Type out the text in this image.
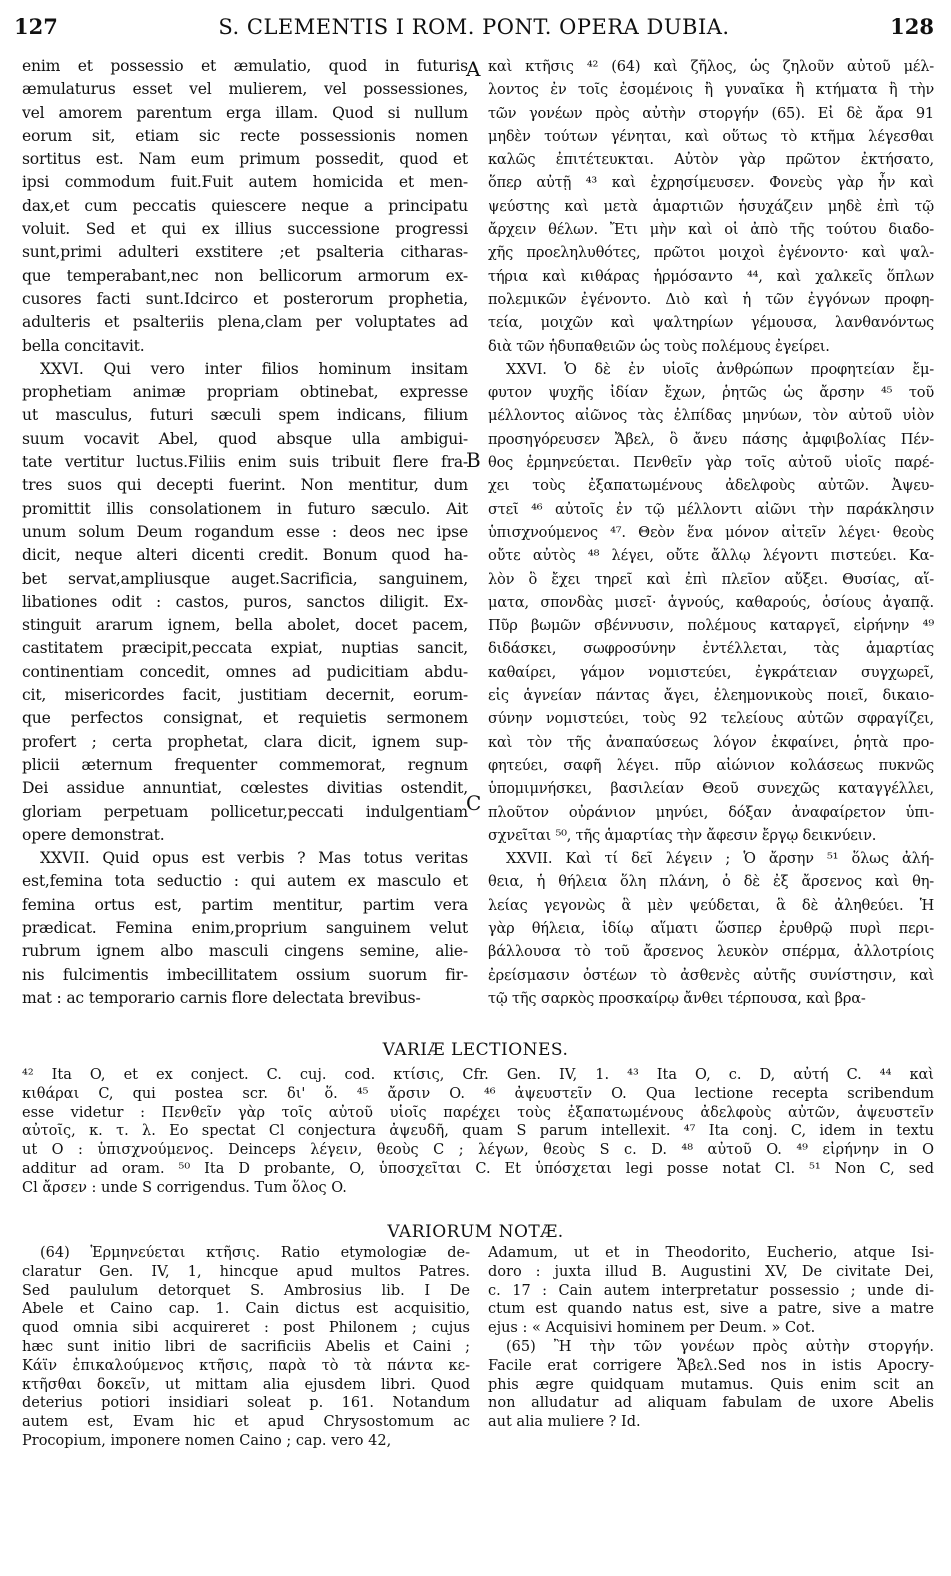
127	S. CLEMENTIS I ROM. PONT. OPERA DUBIA.	128
enim et possessio et æmulatio, quod in futuris
æmulaturus esset vel mulierem, vel possessiones,
vel amorem parentum erga illam. Quod si nullum
eorum sit, etiam sic recte possessionis nomen
sortitus est. Nam eum primum possedit, quod et
ipsi commodum fuit.Fuit autem homicida et men-
dax,et cum peccatis quiescere neque a principatu
voluit. Sed et qui ex illius successione progressi
sunt,primi adulteri exstitere ;et psalteria citharas-
que temperabant,nec non bellicorum armorum ex-
cusores facti sunt.Idcirco et posterorum prophetia,
adulteris et psalteriis plena,clam per voluptates ad
bella concitavit.
XXVI. Qui vero inter filios hominum insitam
prophetiam animæ propriam obtinebat, expresse
ut masculus, futuri sæculi spem indicans, filium
suum vocavit Abel, quod absque ulla ambigui-
tate vertitur luctus.Filiis enim suis tribuit flere fra-
tres suos qui decepti fuerint. Non mentitur, dum
promittit illis consolationem in futuro sæculo. Ait
unum solum Deum rogandum esse : deos nec ipse
dicit, neque alteri dicenti credit. Bonum quod ha-
bet servat,ampliusque auget.Sacrificia, sanguinem,
libationes odit : castos, puros, sanctos diligit. Ex-
stinguit ararum ignem, bella abolet, docet pacem,
castitatem præcipit,peccata expiat, nuptias sancit,
continentiam concedit, omnes ad pudicitiam abdu-
cit, misericordes facit, justitiam decernit, eorum-
que perfectos consignat, et requietis sermonem
profert ; certa prophetat, clara dicit, ignem sup-
plicii æternum frequenter commemorat, regnum
Dei assidue annuntiat, cœlestes divitias ostendit,
gloriam perpetuam pollicetur,peccati indulgentiam
opere demonstrat.
XXVII. Quid opus est verbis ? Mas totus veritas
est,femina tota seductio : qui autem ex masculo et
femina ortus est, partim mentitur, partim vera
prædicat. Femina enim,proprium sanguinem velut
rubrum ignem albo masculi cingens semine, alie-
nis fulcimentis imbecillitatem ossium suorum fir-
mat : ac temporario carnis flore delectata brevibus-
καὶ κτῆσις ⁴² (64) καὶ ζῆλος, ὡς ζηλοῦν αὐτοῦ μέλ-
λοντος ἐν τοῖς ἐσομένοις ἢ γυναῖκα ἢ κτήματα ἢ τὴν
τῶν γονέων πρὸς αὐτὴν στοργήν (65). Εἰ δὲ ἄρα 91
μηδὲν τούτων γένηται, καὶ οὕτως τὸ κτῆμα λέγεσθαι
καλῶς ἐπιτέτευκται. Αὐτὸν γὰρ πρῶτον ἐκτήσατο,
ὅπερ αὐτῇ ⁴³ καὶ ἐχρησίμευσεν. Φονεὺς γὰρ ἦν καὶ
ψεύστης καὶ μετὰ ἁμαρτιῶν ἡσυχάζειν μηδὲ ἐπὶ τῷ
ἄρχειν θέλων. Ἔτι μὴν καὶ οἱ ἀπὸ τῆς τούτου διαδο-
χῆς προεληλυθότες, πρῶτοι μοιχοὶ ἐγένοντο· καὶ ψαλ-
τήρια καὶ κιθάρας ἡρμόσαντο ⁴⁴, καὶ χαλκεῖς ὅπλων
πολεμικῶν ἐγένοντο. Διὸ καὶ ἡ τῶν ἐγγόνων προφη-
τεία, μοιχῶν καὶ ψαλτηρίων γέμουσα, λανθανόντως
διὰ τῶν ἡδυπαθειῶν ὡς τοὺς πολέμους ἐγείρει.
XXVI. Ὁ δὲ ἐν υἱοῖς ἀνθρώπων προφητείαν ἔμ-
φυτον ψυχῆς ἰδίαν ἔχων, ῥητῶς ὡς ἄρσην ⁴⁵ τοῦ
μέλλοντος αἰῶνος τὰς ἐλπίδας μηνύων, τὸν αὐτοῦ υἱὸν
προσηγόρευσεν Ἄβελ, ὃ ἄνευ πάσης ἀμφιβολίας Πέν-
θος ἑρμηνεύεται. Πενθεῖν γὰρ τοῖς αὐτοῦ υἱοῖς παρέ-
χει τοὺς ἐξαπατωμένους ἀδελφοὺς αὐτῶν. Ἀψευ-
στεῖ ⁴⁶ αὐτοῖς ἐν τῷ μέλλοντι αἰῶνι τὴν παράκλησιν
ὑπισχνούμενος ⁴⁷. Θεὸν ἕνα μόνον αἰτεῖν λέγει· θεοὺς
οὔτε αὐτὸς ⁴⁸ λέγει, οὔτε ἄλλῳ λέγοντι πιστεύει. Κα-
λὸν ὃ ἔχει τηρεῖ καὶ ἐπὶ πλεῖον αὔξει. Θυσίας, αἵ-
ματα, σπονδὰς μισεῖ· ἁγνούς, καθαρούς, ὁσίους ἀγαπᾷ.
Πῦρ βωμῶν σβέννυσιν, πολέμους καταργεῖ, εἰρήνην ⁴⁹
διδάσκει, σωφροσύνην ἐντέλλεται, τὰς ἁμαρτίας
καθαίρει, γάμον νομιστεύει, ἐγκράτειαν συγχωρεῖ,
εἰς ἁγνείαν πάντας ἄγει, ἐλεημονικοὺς ποιεῖ, δικαιο-
σύνην νομιστεύει, τοὺς 92 τελείους αὐτῶν σφραγίζει,
καὶ τὸν τῆς ἀναπαύσεως λόγον ἐκφαίνει, ῥητὰ προ-
φητεύει, σαφῆ λέγει. πῦρ αἰώνιον κολάσεως πυκνῶς
ὑπομιμνήσκει, βασιλείαν Θεοῦ συνεχῶς καταγγέλλει,
πλοῦτον οὐράνιον μηνύει, δόξαν ἀναφαίρετον ὑπι-
σχνεῖται ⁵⁰, τῆς ἁμαρτίας τὴν ἄφεσιν ἔργῳ δεικνύειν.
XXVII. Καὶ τί δεῖ λέγειν ; Ὁ ἄρσην ⁵¹ ὅλως ἀλή-
θεια, ἡ θήλεια ὅλη πλάνη, ὁ δὲ ἐξ ἄρσενος καὶ θη-
λείας γεγονὼς ἃ μὲν ψεύδεται, ἃ δὲ ἀληθεύει. Ἡ
γὰρ θήλεια, ἰδίῳ αἵματι ὥσπερ ἐρυθρῷ πυρὶ περι-
βάλλουσα τὸ τοῦ ἄρσενος λευκὸν σπέρμα, ἀλλοτρίοις
ἐρείσμασιν ὀστέων τὸ ἀσθενὲς αὐτῆς συνίστησιν, καὶ
τῷ τῆς σαρκὸς προσκαίρῳ ἄνθει τέρπουσα, καὶ βρα-
A
B
C
VARIÆ LECTIONES.
⁴² Ita O, et ex conject. C. cuj. cod. κτίσις, Cfr. Gen. IV, 1. ⁴³ Ita O, c. D, αὐτή C. ⁴⁴ καὶ
κιθάραι C, qui postea scr. δι' ὅ. ⁴⁵ ἄρσιν O. ⁴⁶ ἀψευστεῖν O. Qua lectione recepta scribendum
esse videtur : Πενθεῖν γὰρ τοῖς αὐτοῦ υἱοῖς παρέχει τοὺς ἐξαπατωμένους ἀδελφοὺς αὐτῶν, ἀψευστεῖν
αὐτοῖς, κ. τ. λ. Eo spectat Cl conjectura ἀψευδῆ, quam S parum intellexit. ⁴⁷ Ita conj. C, idem in textu
ut O : ὑπισχνούμενος. Deinceps λέγειν, θεοὺς C ; λέγων, θεοὺς S c. D. ⁴⁸ αὐτοῦ O. ⁴⁹ εἰρήνην in O
additur ad oram. ⁵⁰ Ita D probante, O, ὑποσχεῖται C. Et ὑπόσχεται legi posse notat Cl. ⁵¹ Non C, sed
Cl ἄρσεν : unde S corrigendus. Tum ὅλος O.
VARIORUM NOTÆ.
(64) Ἑρμηνεύεται κτῆσις. Ratio etymologiæ de-
claratur Gen. IV, 1, hincque apud multos Patres.
Sed paululum detorquet S. Ambrosius lib. I De
Abele et Caino cap. 1. Cain dictus est acquisitio,
quod omnia sibi acquireret : post Philonem ; cujus
hæc sunt initio libri de sacrificiis Abelis et Caini ;
Κάϊν ἐπικαλούμενος κτῆσις, παρὰ τὸ τὰ πάντα κε-
κτῆσθαι δοκεῖν, ut mittam alia ejusdem libri. Quod
deterius potiori insidiari soleat p. 161. Notandum
autem est, Evam hic et apud Chrysostomum ac
Procopium, imponere nomen Caino ; cap. vero 42,
Adamum, ut et in Theodorito, Eucherio, atque Isi-
doro : juxta illud B. Augustini XV, De civitate Dei,
c. 17 : Cain autem interpretatur possessio ; unde di-
ctum est quando natus est, sive a patre, sive a matre
ejus : « Acquisivi hominem per Deum. » Cot.
(65) Ἢ τὴν τῶν γονέων πρὸς αὐτὴν στοργήν.
Facile erat corrigere Ἄβελ.Sed nos in istis Apocry-
phis ægre quidquam mutamus. Quis enim scit an
non alludatur ad aliquam fabulam de uxore Abelis
aut alia muliere ? Id.
